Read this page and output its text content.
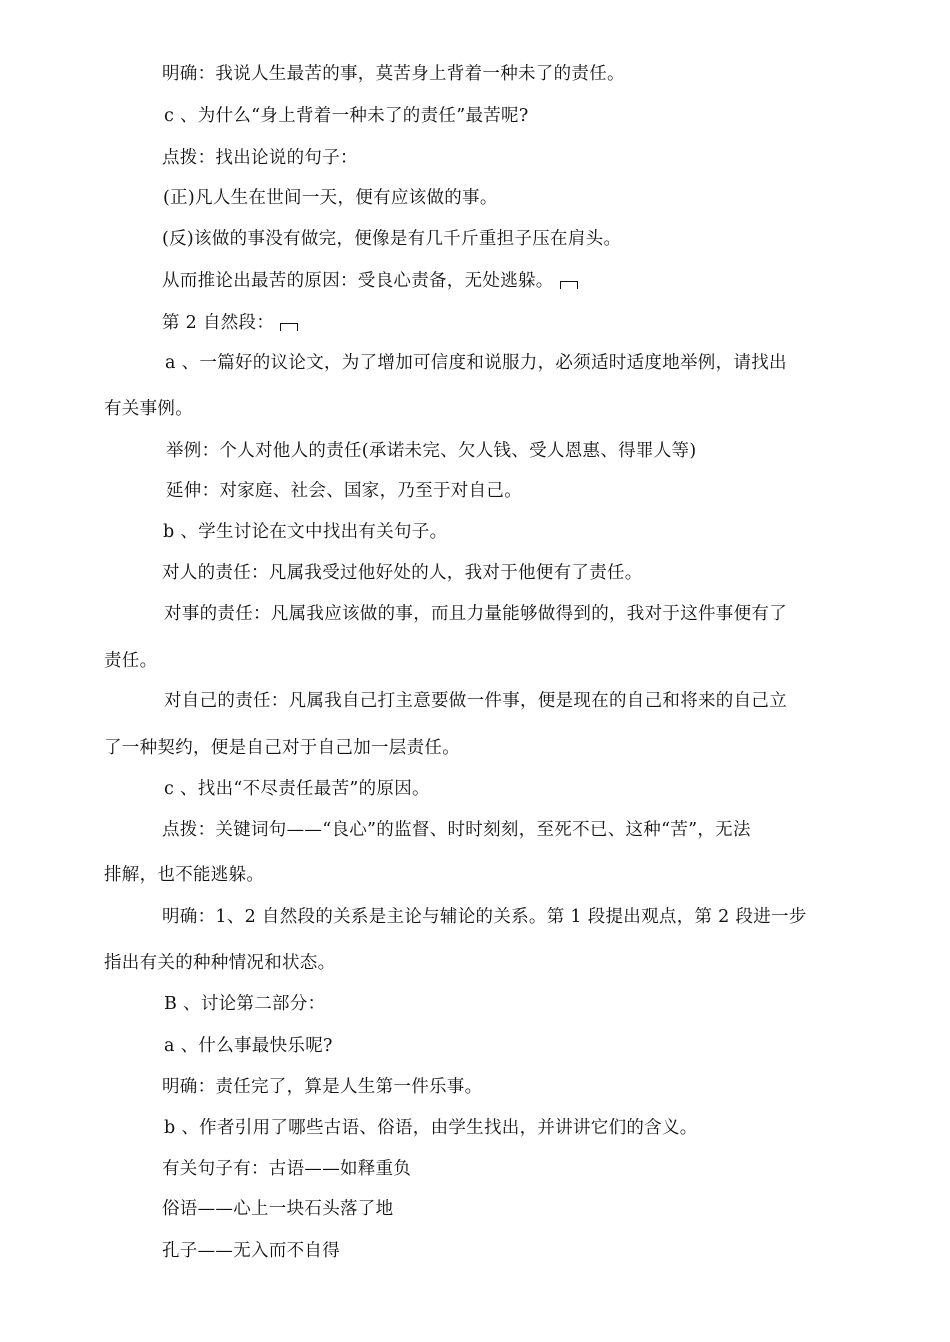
明确：我说人生最苦的事，莫苦身上背着一种未了的责任。
c 、为什么“身上背着一种未了的责任”最苦呢?
点拨：找出论说的句子：
(正)凡人生在世间一天，便有应该做的事。
(反)该做的事没有做完，便像是有几千斤重担子压在肩头。
从而推论出最苦的原因：受良心责备，无处逃躲。
第 2 自然段：
a 、一篇好的议论文，为了增加可信度和说服力，必须适时适度地举例，请找出
有关事例。
举例：个人对他人的责任(承诺未完、欠人钱、受人恩惠、得罪人等)
延伸：对家庭、社会、国家，乃至于对自己。
b 、学生讨论在文中找出有关句子。
对人的责任：凡属我受过他好处的人，我对于他便有了责任。
对事的责任：凡属我应该做的事，而且力量能够做得到的，我对于这件事便有了
责任。
对自己的责任：凡属我自己打主意要做一件事，便是现在的自己和将来的自己立
了一种契约，便是自己对于自己加一层责任。
c 、找出“不尽责任最苦”的原因。
点拨：关键词句——“良心”的监督、时时刻刻，至死不已、这种“苦”，无法
排解，也不能逃躲。
明确：1、2 自然段的关系是主论与辅论的关系。第 1 段提出观点，第 2 段进一步
指出有关的种种情况和状态。
B 、讨论第二部分：
a 、什么事最快乐呢?
明确：责任完了，算是人生第一件乐事。
b 、作者引用了哪些古语、俗语，由学生找出，并讲讲它们的含义。
有关句子有：古语——如释重负
俗语——心上一块石头落了地
孔子——无入而不自得
